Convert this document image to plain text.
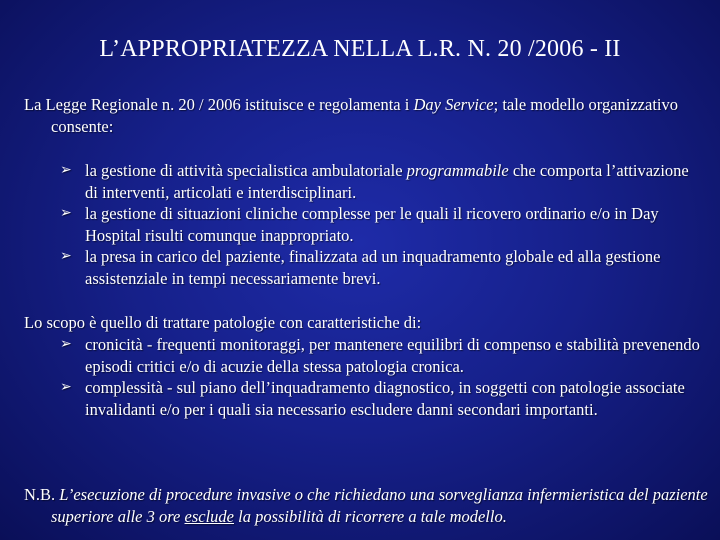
L’APPROPRIATEZZA NELLA L.R. N. 20 /2006 - II
La Legge Regionale n. 20 / 2006 istituisce e regolamenta i Day Service; tale modello organizzativo consente:
➢ la gestione di attività specialistica ambulatoriale programmabile che comporta l’attivazione di interventi, articolati e interdisciplinari.
➢ la gestione di situazioni cliniche complesse per le quali il ricovero ordinario e/o in Day Hospital risulti comunque inappropriato.
➢ la presa in carico del paziente, finalizzata ad un inquadramento globale ed alla gestione assistenziale in tempi necessariamente brevi.
Lo scopo è quello di trattare patologie con caratteristiche di:
➢ cronicità - frequenti monitoraggi, per mantenere equilibri di compenso e stabilità prevenendo episodi critici e/o di acuzie della stessa patologia cronica.
➢ complessità - sul piano dell’inquadramento diagnostico, in soggetti con patologie associate invalidanti e/o per i quali sia necessario escludere danni secondari importanti.
N.B. L’esecuzione di procedure invasive o che richiedano una sorveglianza infermieristica del paziente superiore alle 3 ore esclude la possibilità di ricorrere a tale modello.
